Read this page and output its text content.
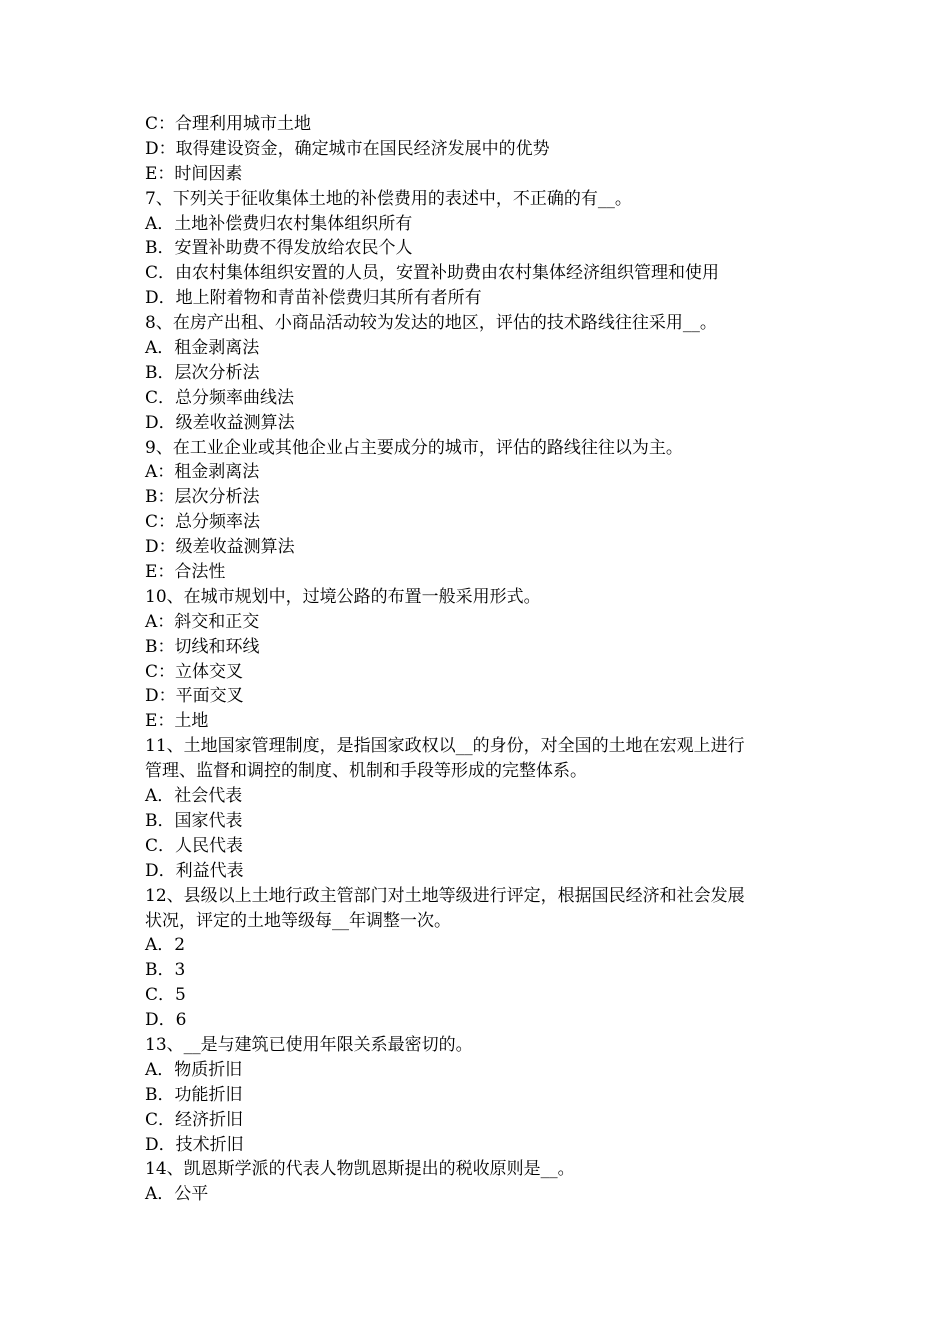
C：合理利用城市土地
D：取得建设资金，确定城市在国民经济发展中的优势
E：时间因素
7、下列关于征收集体土地的补偿费用的表述中，不正确的有__。
A．土地补偿费归农村集体组织所有
B．安置补助费不得发放给农民个人
C．由农村集体组织安置的人员，安置补助费由农村集体经济组织管理和使用
D．地上附着物和青苗补偿费归其所有者所有
8、在房产出租、小商品活动较为发达的地区，评估的技术路线往往采用__。
A．租金剥离法
B．层次分析法
C．总分频率曲线法
D．级差收益测算法
9、在工业企业或其他企业占主要成分的城市，评估的路线往往以为主。
A：租金剥离法
B：层次分析法
C：总分频率法
D：级差收益测算法
E：合法性
10、在城市规划中，过境公路的布置一般采用形式。
A：斜交和正交
B：切线和环线
C：立体交叉
D：平面交叉
E：土地
11、土地国家管理制度，是指国家政权以__的身份，对全国的土地在宏观上进行
管理、监督和调控的制度、机制和手段等形成的完整体系。
A．社会代表
B．国家代表
C．人民代表
D．利益代表
12、县级以上土地行政主管部门对土地等级进行评定，根据国民经济和社会发展
状况，评定的土地等级每__年调整一次。
A．2
B．3
C．5
D．6
13、__是与建筑已使用年限关系最密切的。
A．物质折旧
B．功能折旧
C．经济折旧
D．技术折旧
14、凯恩斯学派的代表人物凯恩斯提出的税收原则是__。
A．公平
